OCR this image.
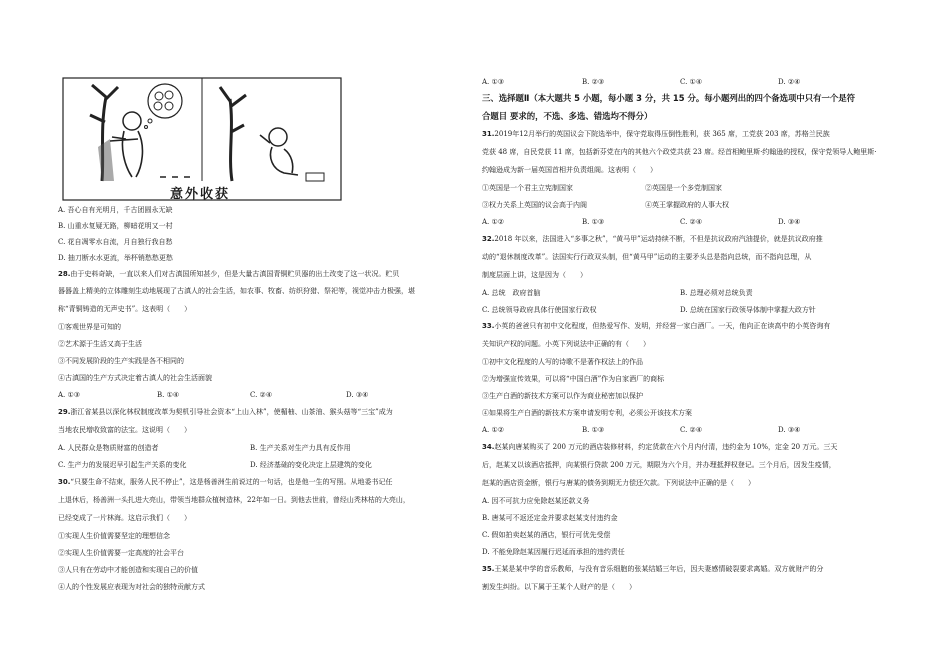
意外收获
A. 吾心自有光明月，千古团圆永无缺
B. 山重水复疑无路，柳暗花明又一村
C. 花自凋零水自流，月自独行我自愁
D. 抽刀断水水更流，举杯销愁愁更愁
28.由于史料奇缺，一直以来人们对古滇国所知甚少，但是大量古滇国青铜贮贝器的出土改变了这一状况。贮贝
器器盖上精美的立体雕刻生动地展现了古滇人的社会生活，如农事、牧畜、纺织狩猎、祭祀等，视觉冲击力极强，堪
称“青铜铸造的无声史书”。这表明（　　）
①客观世界是可知的
②艺术源于生活又高于生活
③不同发展阶段的生产实践是各不相同的
④古滇国的生产方式决定着古滇人的社会生活面貌
A. ①③	B. ①④	C. ②④	D. ③④
29.浙江省某县以深化林权制度改革为契机引导社会资本“上山入林”，使楣柚、山茶油、猴头菇等“三宝”成为
当地农民增收致富的法宝。这说明（　　）
A. 人民群众是物质财富的创造者	B. 生产关系对生产力具有反作用
C. 生产力的发展迟早引起生产关系的变化	D. 经济基础的变化决定上层建筑的变化
30.“只要生命不结束，服务人民不停止”，这是杨善洲生前说过的一句话，也是他一生的写照。从地委书记任
上退休后，杨善洲一头扎进大亮山，带领当地群众植树造林，22年如一日。到他去世前，曾经山秃林枯的大亮山，
已经变成了一片林海。这启示我们（　　）
①实现人生价值需要坚定的理想信念
②实现人生价值需要一定高度的社会平台
③人只有在劳动中才能创造和实现自己的价值
④人的个性发展应表现为对社会的独特贡献方式
A. ①③	B. ②③	C. ①④	D. ②④
三、选择题Ⅱ（本大题共 5 小题，每小题 3 分，共 15 分。每小题列出的四个备选项中只有一个是符
合题目 要求的，不选、多选、错选均不得分）
31.2019年12月举行的英国议会下院选举中，保守党取得压倒性胜利，获 365 席，工党获 203 席，苏格兰民族
党获 48 席，自民党获 11 席，包括新芬党在内的其他六个政党共获 23 席。经首相鲍里斯·约翰逊的授权，保守党领导人鲍里斯·
约翰逊成为新一届英国首相并负责组阁。这表明（　　）
①英国是一个君主立宪制国家	②英国是一个多党制国家
③权力关系上英国的议会高于内阁	④英王掌握政府的人事大权
A. ①②	B. ①③	C. ②④	D. ③④
32.2018 年以来，法国进入“多事之秋”，“黄马甲”运动持续不断，不但是抗议政府汽油提价，就是抗议政府推
动的“退休制度改革”。法国实行行政双头制，但“黄马甲”运动的主要矛头总是指向总统，而不指向总理，从
制度层面上讲，这是因为（　　）
A. 总统　政府首脑	B. 总理必须对总统负责
C. 总统领导政府具体行使国家行政权	D. 总统在国家行政领导体制中掌握大政方针
33.小英的爸爸只有初中文化程度，但热爱写作、发明，并经营一家白酒厂。一天，他向正在读高中的小英咨询有
关知识产权的问题。小英下列说法中正确的有（　　）
①初中文化程度的人写的诗歌不是著作权法上的作品
②为增强宣传效果，可以将“中国白酒”作为自家酒厂的商标
③生产白酒的新技术方案可以作为商业秘密加以保护
④如果将生产白酒的新技术方案申请发明专利，必须公开该技术方案
A. ①②	B. ①③	C. ②④	D. ③④
34.赵某向唐某购买了 200 万元的酒店装修材料，约定货款在六个月内付清，违约金为 10%，定金 20 万元。三天
后，赵某又以该酒店抵押，向某银行贷款 200 万元，期限为六个月，并办理抵押权登记。三个月后，因发生疫情，
赵某的酒店资金断，银行与唐某的债务到期无力偿还欠款。下列说法中正确的是（　　）
A. 因不可抗力应免除赵某还款义务
B. 唐某可不返还定金并要求赵某支付违约金
C. 假如拍卖赵某的酒店，银行可优先受偿
D. 不能免除赵某因履行迟延而承担的违约责任
35.王某是某中学的音乐教师，与没有音乐细胞的张某结婚三年后，因夫妻感情破裂要求离婚。双方就财产的分
割发生纠纷。以下属于王某个人财产的是（　　）
